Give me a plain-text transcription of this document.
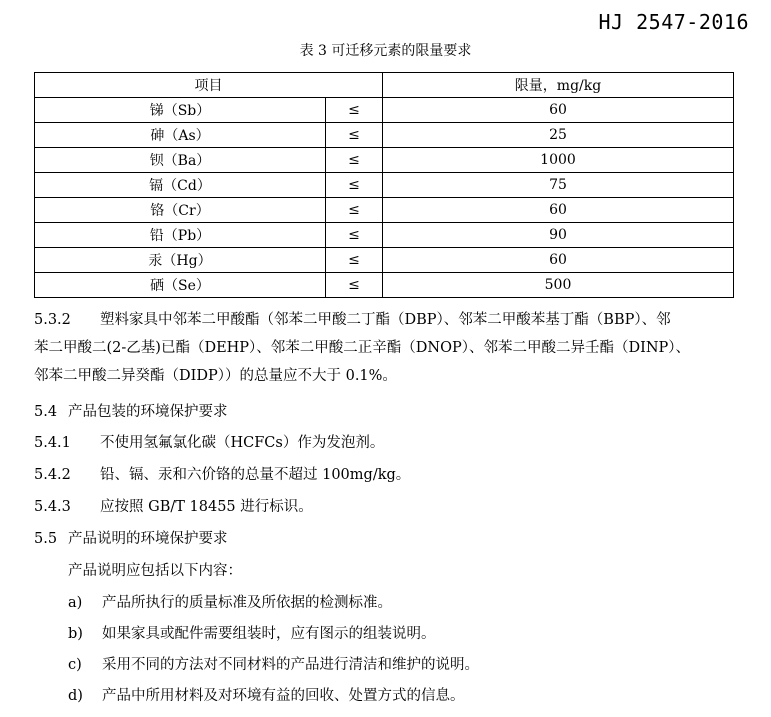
HJ 2547-2016
表 3 可迁移元素的限量要求
项目		限量，mg/kg
锑（Sb）	≤	60
砷（As）	≤	25
钡（Ba）	≤	1000
镉（Cd）	≤	75
铬（Cr）	≤	60
铅（Pb）	≤	90
汞（Hg）	≤	60
硒（Se）	≤	500
5.3.2 塑料家具中邻苯二甲酸酯（邻苯二甲酸二丁酯（DBP）、邻苯二甲酸苯基丁酯（BBP）、邻
苯二甲酸二(2-乙基)已酯（DEHP）、邻苯二甲酸二正辛酯（DNOP）、邻苯二甲酸二异壬酯（DINP）、
邻苯二甲酸二异癸酯（DIDP））的总量应不大于 0.1%。
5.4 产品包装的环境保护要求
5.4.1 不使用氢氟氯化碳（HCFCs）作为发泡剂。
5.4.2 铅、镉、汞和六价铬的总量不超过 100mg/kg。
5.4.3 应按照 GB/T 18455 进行标识。
5.5 产品说明的环境保护要求
产品说明应包括以下内容：
a) 产品所执行的质量标准及所依据的检测标准。
b) 如果家具或配件需要组装时，应有图示的组装说明。
c) 采用不同的方法对不同材料的产品进行清洁和维护的说明。
d) 产品中所用材料及对环境有益的回收、处置方式的信息。
